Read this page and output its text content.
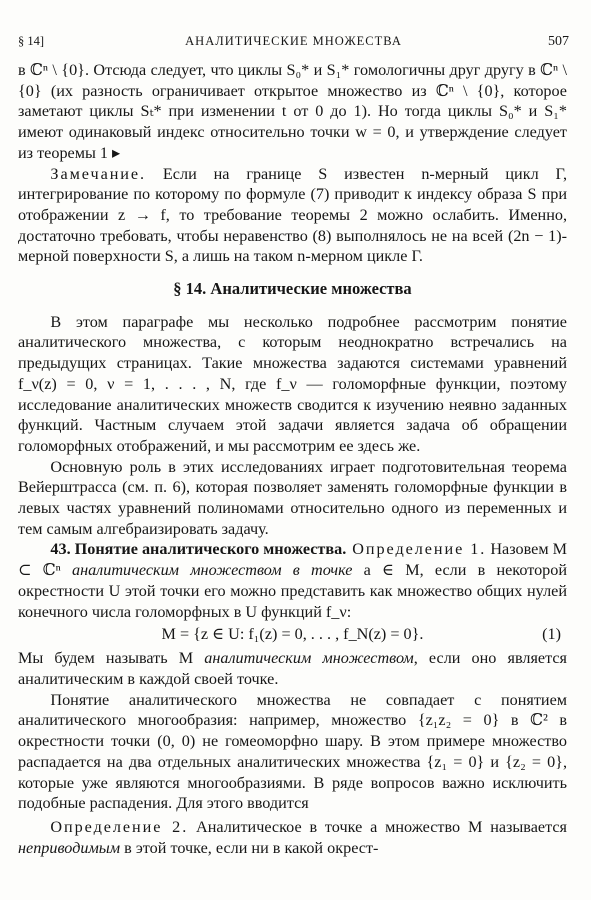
§ 14]	АНАЛИТИЧЕСКИЕ МНОЖЕСТВА	507

в ℂⁿ \ {0}. Отсюда следует, что циклы S₀* и S₁* гомологичны друг другу в ℂⁿ \ {0} (их разность ограничивает открытое множество из ℂⁿ \ {0}, которое заметают циклы Sₜ* при изменении t от 0 до 1). Но тогда циклы S₀* и S₁* имеют одинаковый индекс относительно точки w = 0, и утверждение следует из теоремы 1 ▸

Замечание. Если на границе S известен n-мерный цикл Γ, интегрирование по которому по формуле (7) приводит к индексу образа S при отображении z → f, то требование теоремы 2 можно ослабить. Именно, достаточно требовать, чтобы неравенство (8) выполнялось не на всей (2n − 1)-мерной поверхности S, а лишь на таком n-мерном цикле Γ.

§ 14. Аналитические множества

В этом параграфе мы несколько подробнее рассмотрим понятие аналитического множества, с которым неоднократно встречались на предыдущих страницах. Такие множества задаются системами уравнений f_ν(z) = 0, ν = 1, . . . , N, где f_ν — голоморфные функции, поэтому исследование аналитических множеств сводится к изучению неявно заданных функций. Частным случаем этой задачи является задача об обращении голоморфных отображений, и мы рассмотрим ее здесь же.

Основную роль в этих исследованиях играет подготовительная теорема Вейерштрасса (см. п. 6), которая позволяет заменять голоморфные функции в левых частях уравнений полиномами относительно одного из переменных и тем самым алгебраизировать задачу.

43. Понятие аналитического множества. Определение 1. Назовем M ⊂ ℂⁿ аналитическим множеством в точке a ∈ M, если в некоторой окрестности U этой точки его можно представить как множество общих нулей конечного числа голоморфных в U функций f_ν:

M = {z ∈ U: f₁(z) = 0, . . . , f_N(z) = 0}.	(1)

Мы будем называть M аналитическим множеством, если оно является аналитическим в каждой своей точке.

Понятие аналитического множества не совпадает с понятием аналитического многообразия: например, множество {z₁z₂ = 0} в ℂ² в окрестности точки (0, 0) не гомеоморфно шару. В этом примере множество распадается на два отдельных аналитических множества {z₁ = 0} и {z₂ = 0}, которые уже являются многообразиями. В ряде вопросов важно исключить подобные распадения. Для этого вводится

Определение 2. Аналитическое в точке a множество M называется неприводимым в этой точке, если ни в какой окрест-
